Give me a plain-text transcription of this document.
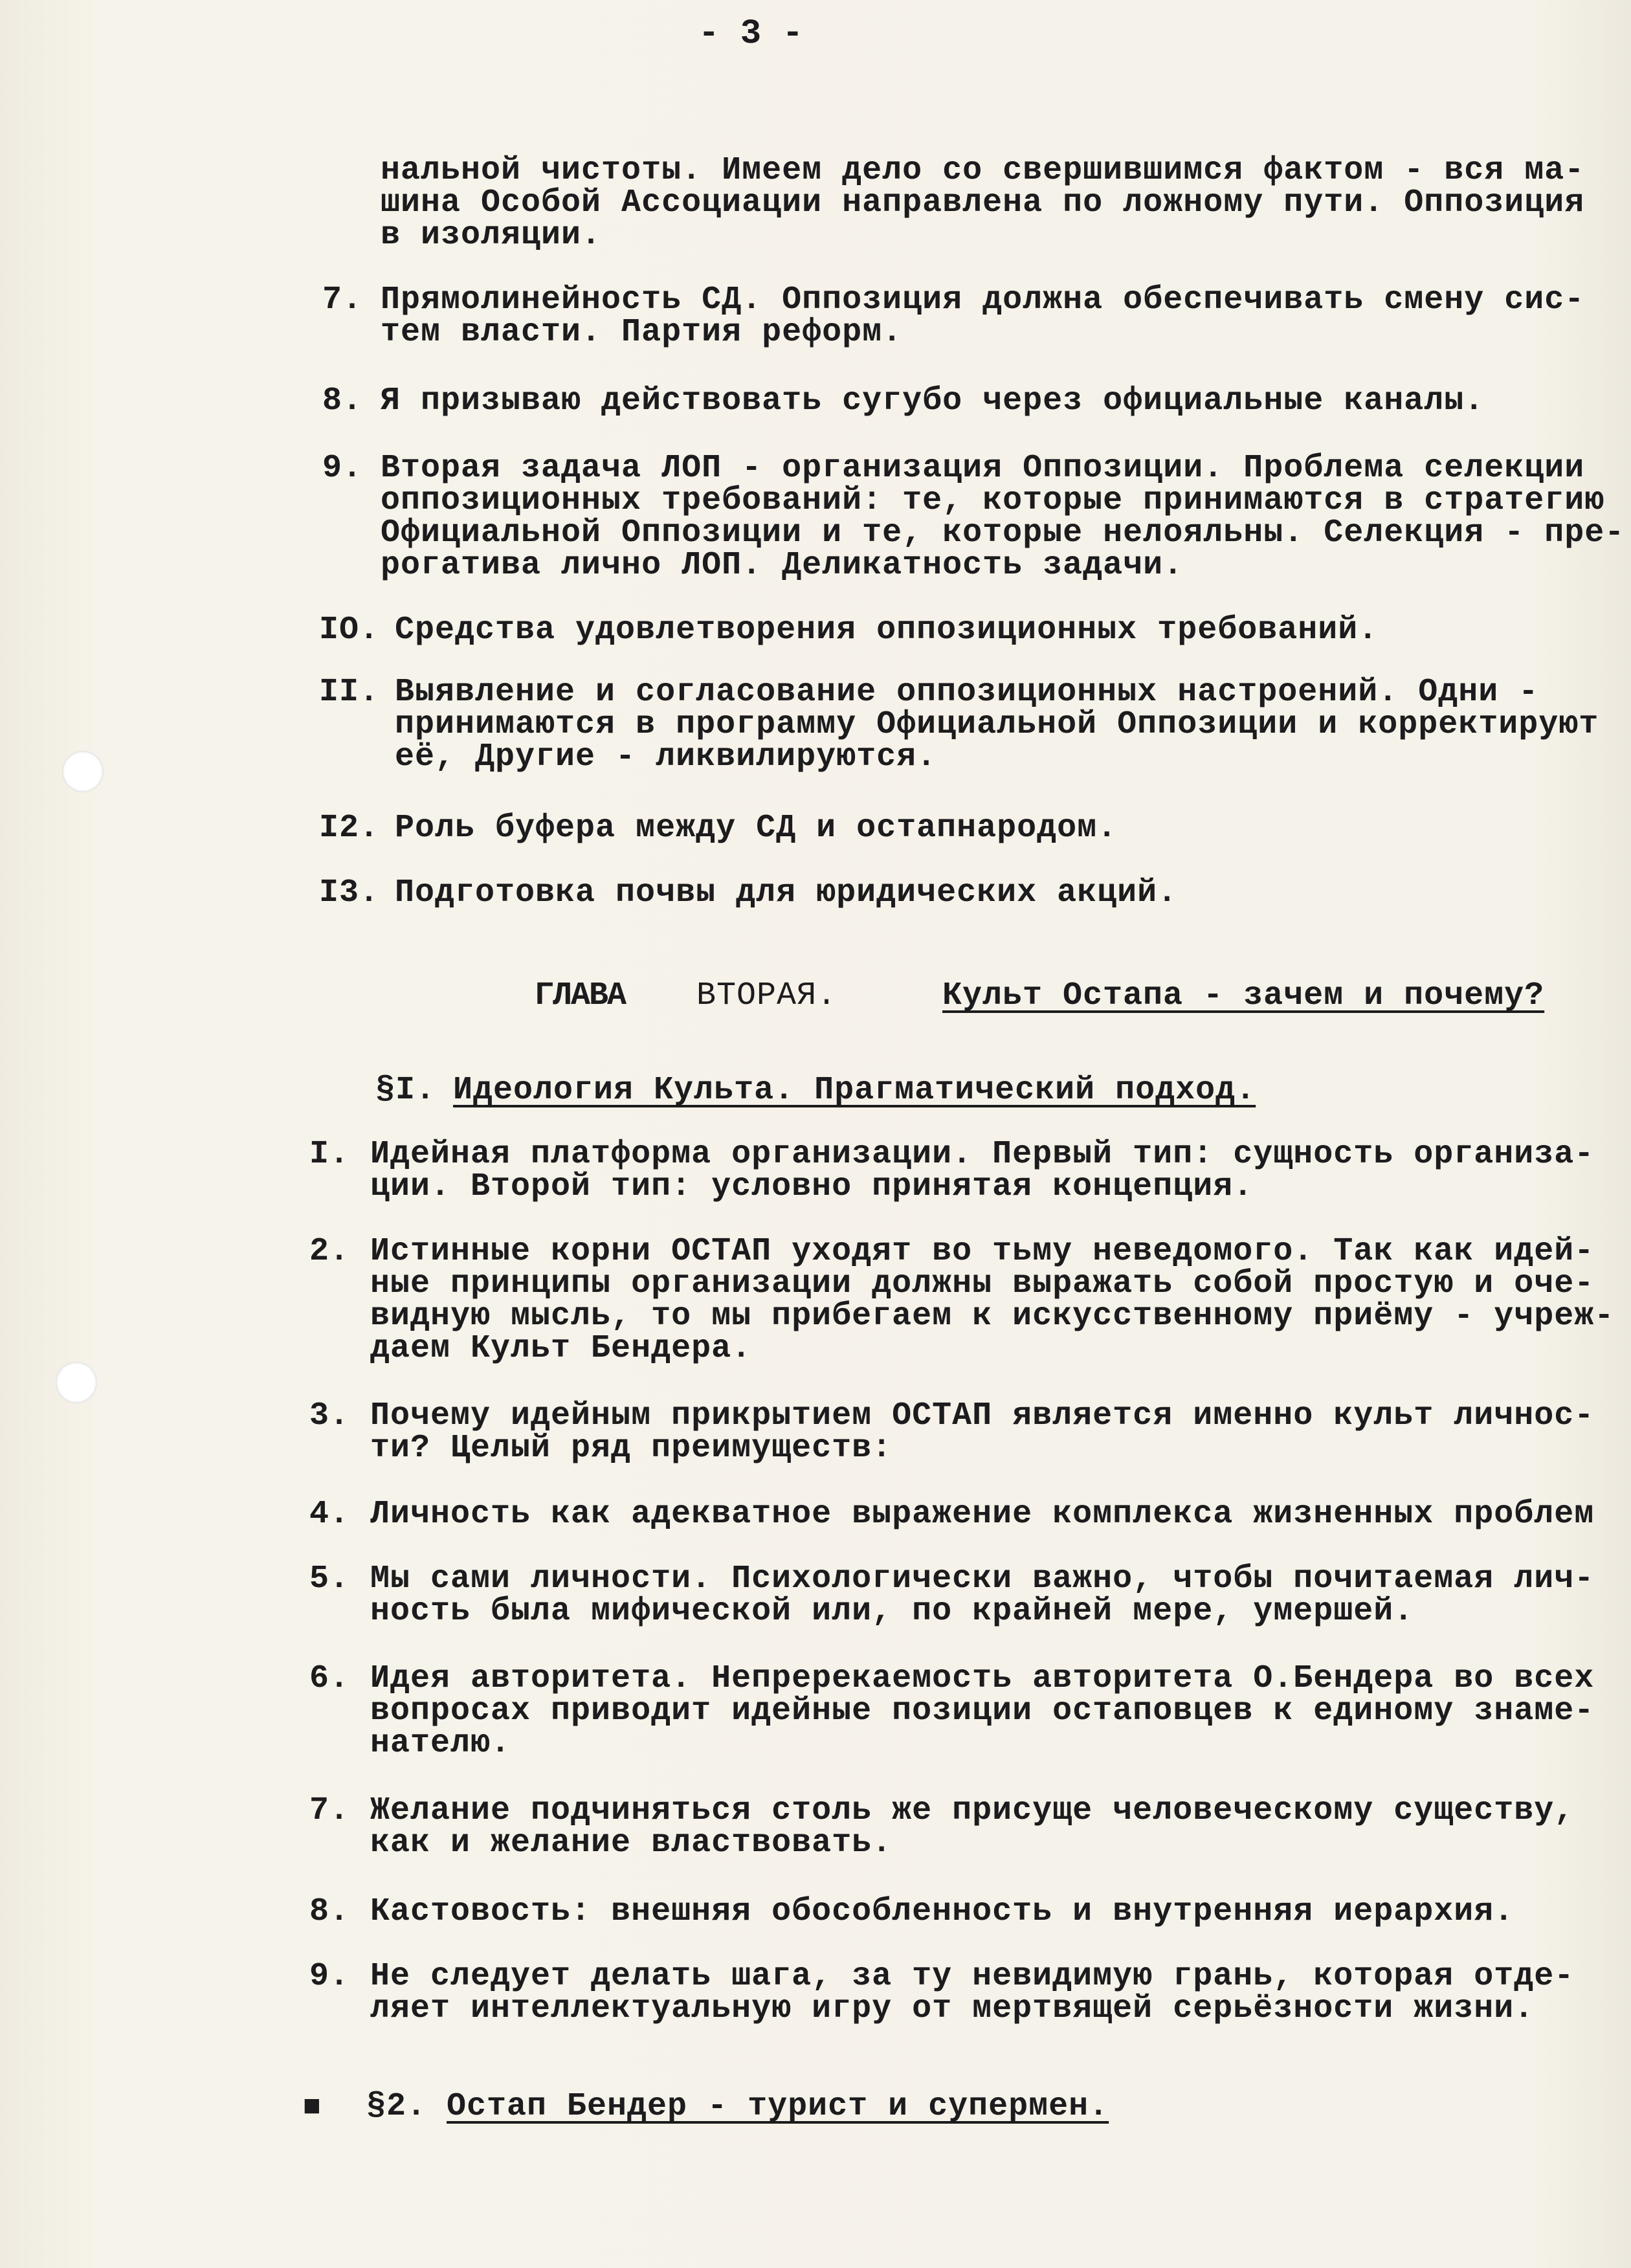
- 3 -
нальной чистоты. Имеем дело со свершившимся фактом - вся ма-
шина Особой Ассоциации направлена по ложному пути. Оппозиция
в изоляции.
7. Прямолинейность СД. Оппозиция должна обеспечивать смену сис-
тем власти. Партия реформ.
8. Я призываю действовать сугубо через официальные каналы.
9. Вторая задача ЛОП - организация Оппозиции. Проблема селекции
оппозиционных требований: те, которые принимаются в стратегию
Официальной Оппозиции и те, которые нелояльны. Селекция - пре-
рогатива лично ЛОП. Деликатность задачи.
IO. Средства удовлетворения оппозиционных требований.
II. Выявление и согласование оппозиционных настроений. Одни -
принимаются в программу Официальной Оппозиции и корректируют
её, Другие - ликвилируются.
I2. Роль буфера между СД и остапнародом.
I3. Подготовка почвы для юридических акций.
ГЛАВА ВТОРАЯ.	Культ Остапа - зачем и почему?
§I. Идеология Культа. Прагматический подход.
I. Идейная платформа организации. Первый тип: сущность организа-
ции. Второй тип: условно принятая концепция.
2. Истинные корни ОСТАП уходят во тьму неведомого. Так как идей-
ные принципы организации должны выражать собой простую и оче-
видную мысль, то мы прибегаем к искусственному приёму - учреж-
даем Культ Бендера.
3. Почему идейным прикрытием ОСТАП является именно культ личнос-
ти? Целый ряд преимуществ:
4. Личность как адекватное выражение комплекса жизненных проблем
5. Мы сами личности. Психологически важно, чтобы почитаемая лич-
ность была мифической или, по крайней мере, умершей.
6. Идея авторитета. Непререкаемость авторитета О.Бендера во всех
вопросах приводит идейные позиции остаповцев к единому знаме-
нателю.
7. Желание подчиняться столь же присуще человеческому существу,
как и желание властвовать.
8. Кастовость: внешняя обособленность и внутренняя иерархия.
9. Не следует делать шага, за ту невидимую грань, которая отде-
ляет интеллектуальную игру от мертвящей серьёзности жизни.
■ §2. Остап Бендер - турист и супермен.
